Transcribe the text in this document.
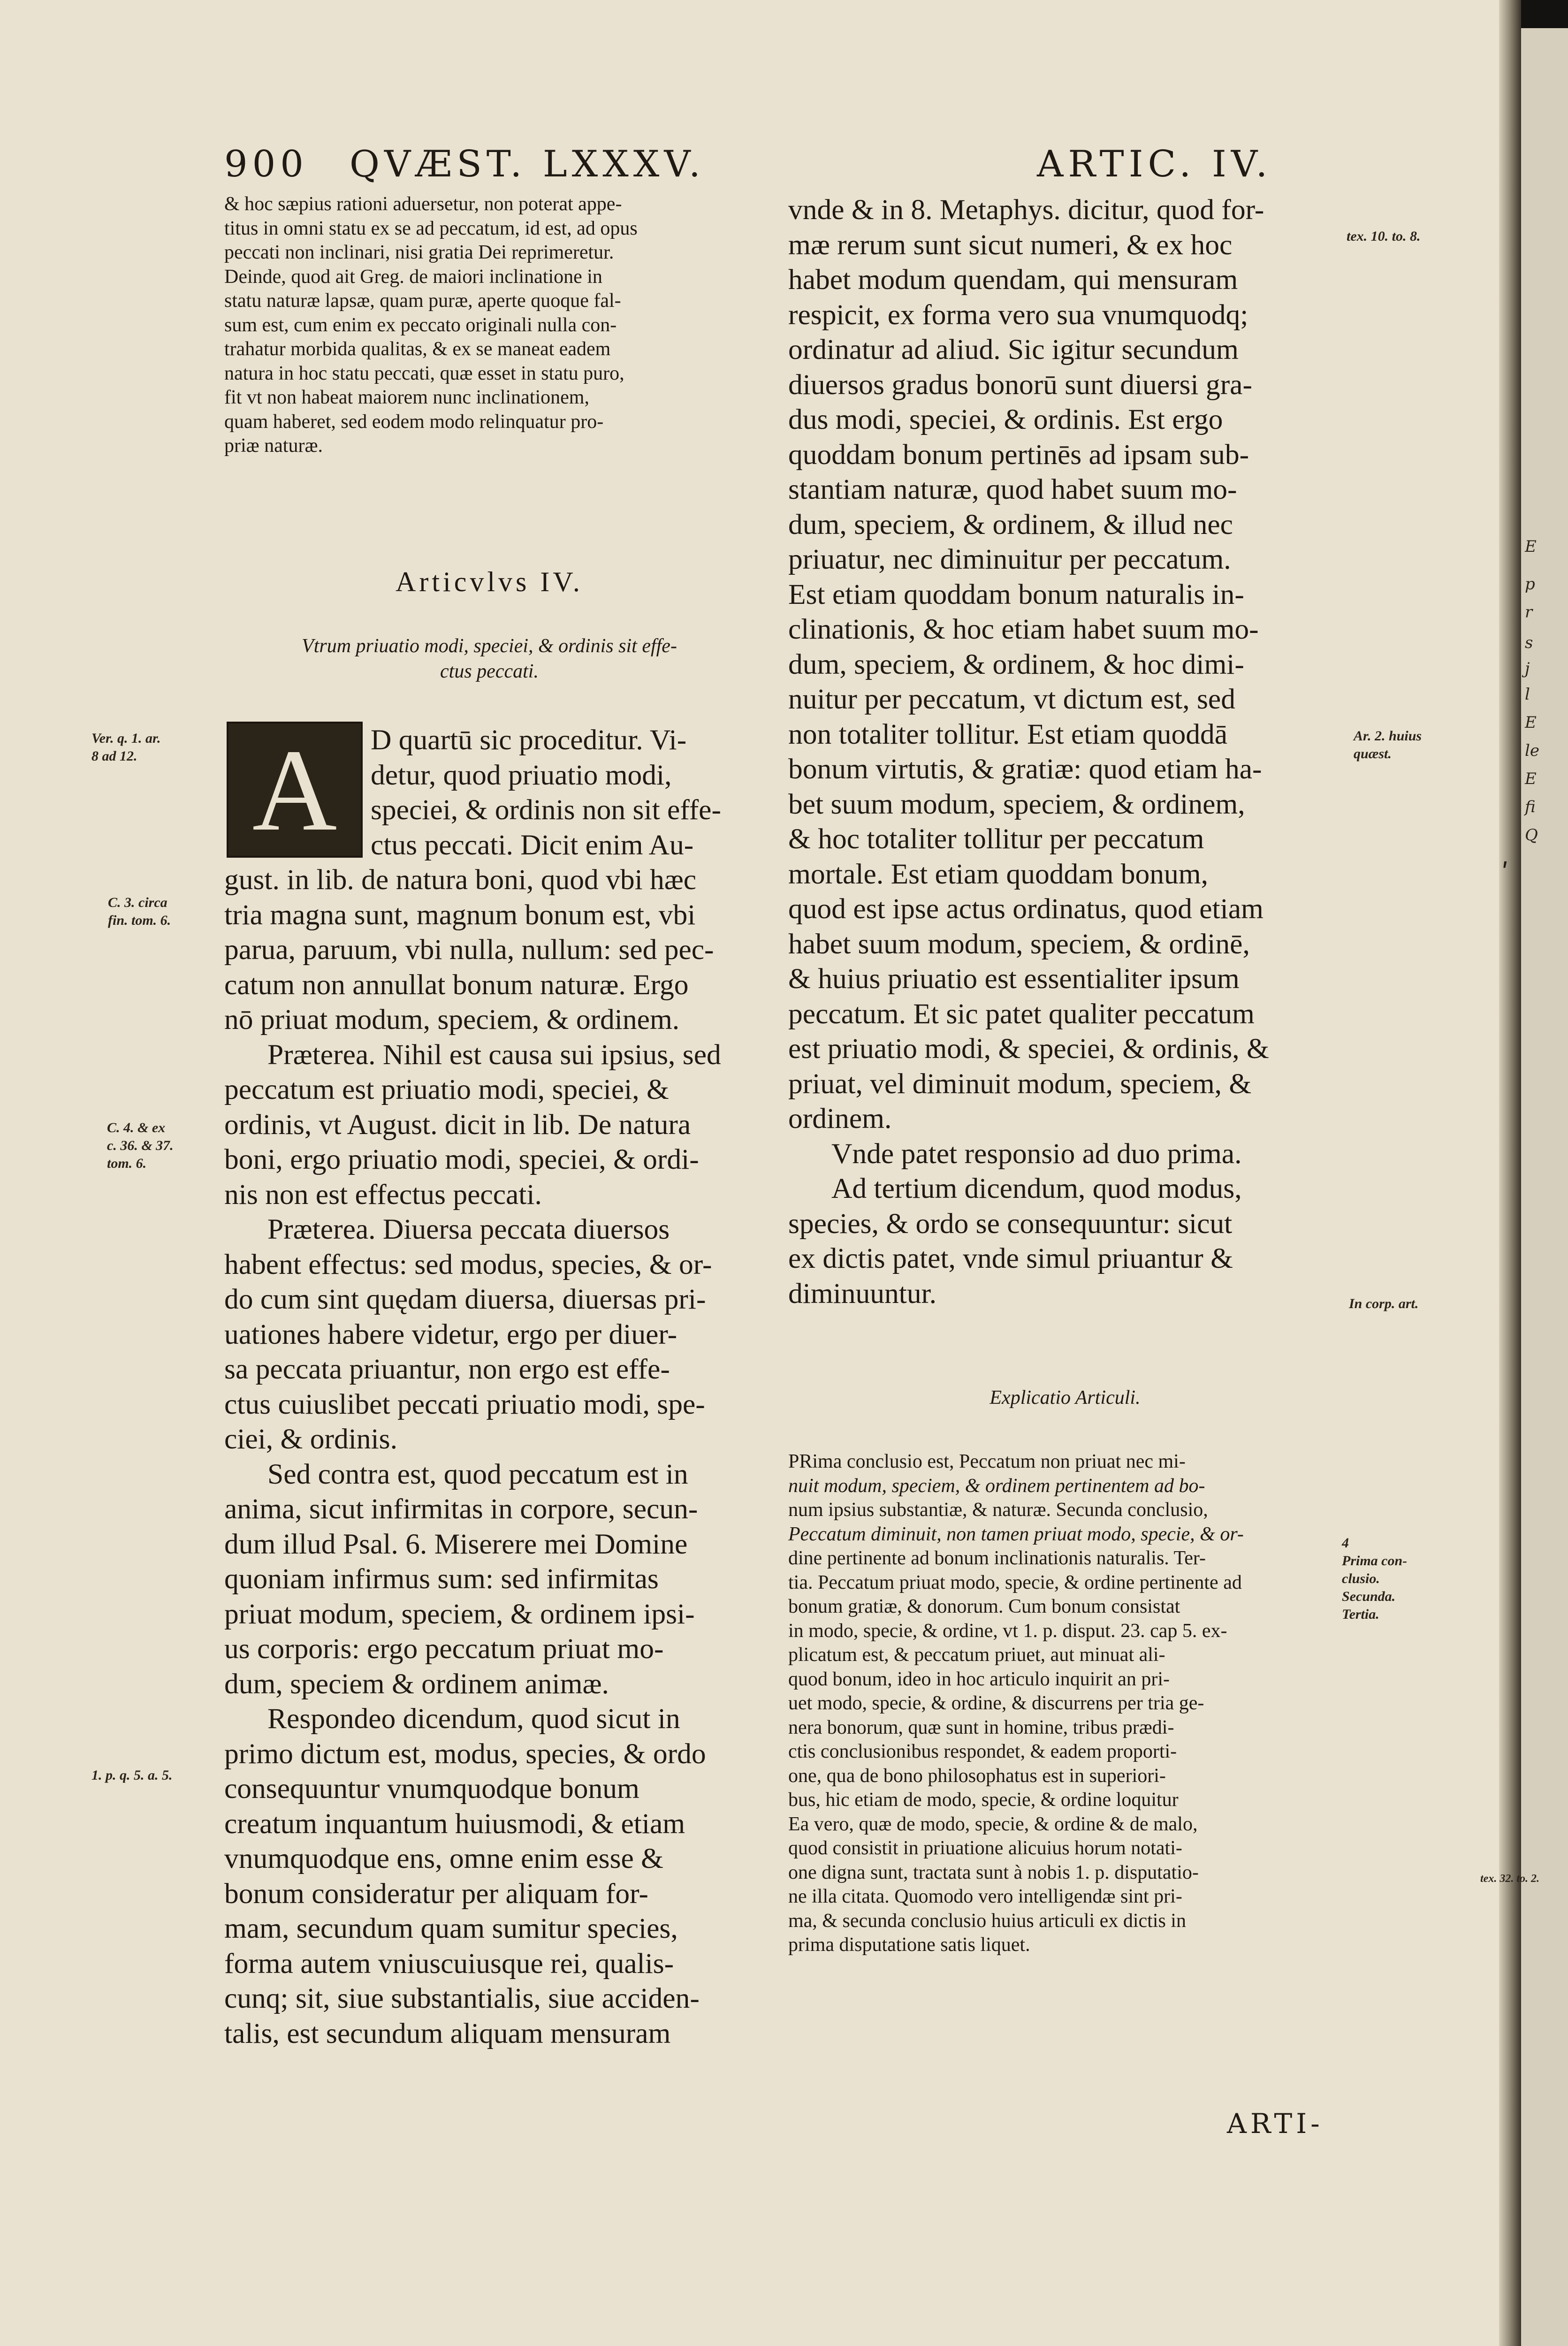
E
p
r
s
j
l
E
le
E
fi
Q
ʹ
900 QVÆST. LXXXV.	ARTIC. IV.

& hoc sæpius rationi aduersetur, non poterat appe-

titus in omni statu ex se ad peccatum, id est, ad opus

peccati non inclinari, nisi gratia Dei reprimeretur.

Deinde, quod ait Greg. de maiori inclinatione in

statu naturæ lapsæ, quam puræ, aperte quoque fal-

sum est, cum enim ex peccato originali nulla con-

trahatur morbida qualitas, & ex se maneat eadem

natura in hoc statu peccati, quæ esset in statu puro,

fit vt non habeat maiorem nunc inclinationem,

quam haberet, sed eodem modo relinquatur pro-

priæ naturæ.

Articvlvs IV.

Vtrum priuatio modi, speciei, & ordinis sit effe-

ctus peccati.

A	D quartū sic proceditur. Vi-

detur, quod priuatio modi,

speciei, & ordinis non sit effe-

ctus peccati. Dicit enim Au-

gust. in lib. de natura boni, quod vbi hæc

tria magna sunt, magnum bonum est, vbi

parua, paruum, vbi nulla, nullum: sed pec-

catum non annullat bonum naturæ. Ergo

nō priuat modum, speciem, & ordinem.

Præterea. Nihil est causa sui ipsius, sed

peccatum est priuatio modi, speciei, &

ordinis, vt August. dicit in lib. De natura

boni, ergo priuatio modi, speciei, & ordi-

nis non est effectus peccati.

Præterea. Diuersa peccata diuersos

habent effectus: sed modus, species, & or-

do cum sint quędam diuersa, diuersas pri-

uationes habere videtur, ergo per diuer-

sa peccata priuantur, non ergo est effe-

ctus cuiuslibet peccati priuatio modi, spe-

ciei, & ordinis.

Sed contra est, quod peccatum est in

anima, sicut infirmitas in corpore, secun-

dum illud Psal. 6. Miserere mei Domine

quoniam infirmus sum: sed infirmitas

priuat modum, speciem, & ordinem ipsi-

us corporis: ergo peccatum priuat mo-

dum, speciem & ordinem animæ.

Respondeo dicendum, quod sicut in

primo dictum est, modus, species, & ordo

consequuntur vnumquodque bonum

creatum inquantum huiusmodi, & etiam

vnumquodque ens, omne enim esse &

bonum consideratur per aliquam for-

mam, secundum quam sumitur species,

forma autem vniuscuiusque rei, qualis-

cunq; sit, siue substantialis, siue acciden-

talis, est secundum aliquam mensuram

Ver. q. 1. ar.
8 ad 12.
C. 3. circa
fin. tom. 6.
C. 4. & ex
c. 36. & 37.
tom. 6.
1. p. q. 5. a. 5.

vnde & in 8. Metaphys. dicitur, quod for-

mæ rerum sunt sicut numeri, & ex hoc

habet modum quendam, qui mensuram

respicit, ex forma vero sua vnumquodq;

ordinatur ad aliud. Sic igitur secundum

diuersos gradus bonorū sunt diuersi gra-

dus modi, speciei, & ordinis. Est ergo

quoddam bonum pertinēs ad ipsam sub-

stantiam naturæ, quod habet suum mo-

dum, speciem, & ordinem, & illud nec

priuatur, nec diminuitur per peccatum.

Est etiam quoddam bonum naturalis in-

clinationis, & hoc etiam habet suum mo-

dum, speciem, & ordinem, & hoc dimi-

nuitur per peccatum, vt dictum est, sed

non totaliter tollitur. Est etiam quoddā

bonum virtutis, & gratiæ: quod etiam ha-

bet suum modum, speciem, & ordinem,

& hoc totaliter tollitur per peccatum

mortale. Est etiam quoddam bonum,

quod est ipse actus ordinatus, quod etiam

habet suum modum, speciem, & ordinē,

& huius priuatio est essentialiter ipsum

peccatum. Et sic patet qualiter peccatum

est priuatio modi, & speciei, & ordinis, &

priuat, vel diminuit modum, speciem, &

ordinem.

Vnde patet responsio ad duo prima.

Ad tertium dicendum, quod modus,

species, & ordo se consequuntur: sicut

ex dictis patet, vnde simul priuantur &

diminuuntur.

Explicatio Articuli.

PRima conclusio est, Peccatum non priuat nec mi-

nuit modum, speciem, & ordinem pertinentem ad bo-

num ipsius substantiæ, & naturæ. Secunda conclusio,

Peccatum diminuit, non tamen priuat modo, specie, & or-

dine pertinente ad bonum inclinationis naturalis. Ter-

tia. Peccatum priuat modo, specie, & ordine pertinente ad

bonum gratiæ, & donorum. Cum bonum consistat

in modo, specie, & ordine, vt 1. p. disput. 23. cap 5. ex-

plicatum est, & peccatum priuet, aut minuat ali-

quod bonum, ideo in hoc articulo inquirit an pri-

uet modo, specie, & ordine, & discurrens per tria ge-

nera bonorum, quæ sunt in homine, tribus prædi-

ctis conclusionibus respondet, & eadem proporti-

one, qua de bono philosophatus est in superiori-

bus, hic etiam de modo, specie, & ordine loquitur

Ea vero, quæ de modo, specie, & ordine & de malo,

quod consistit in priuatione alicuius horum notati-

one digna sunt, tractata sunt à nobis 1. p. disputatio-

ne illa citata. Quomodo vero intelligendæ sint pri-

ma, & secunda conclusio huius articuli ex dictis in

prima disputatione satis liquet.

ARTI-
tex. 10. to. 8.
Ar. 2. huius
quæst.
In corp. art.
4
Prima con-
clusio.
Secunda.
Tertia.
tex. 32. to. 2.
